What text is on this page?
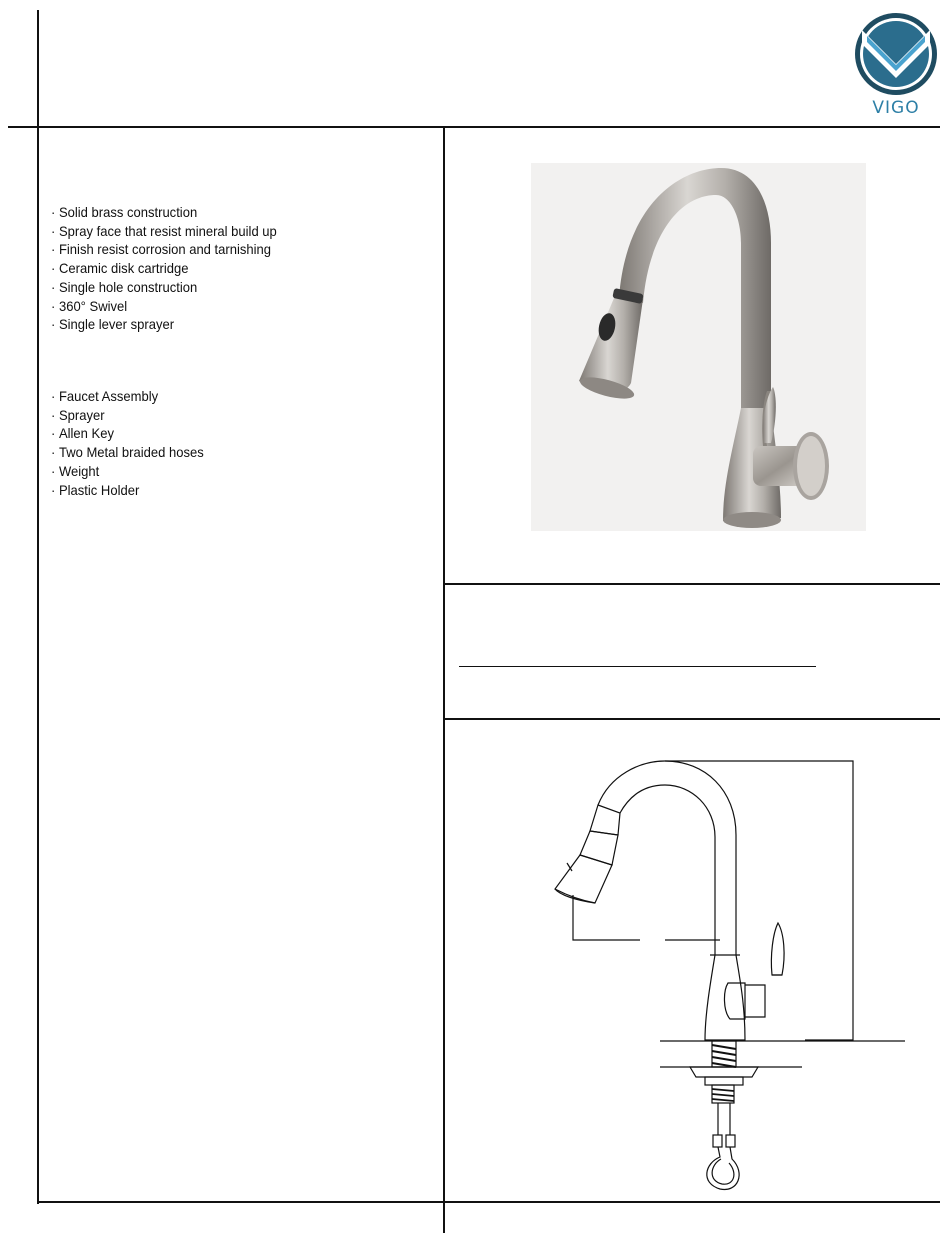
VIGO
· Solid brass construction
· Spray face that resist mineral build up
· Finish resist corrosion and tarnishing
· Ceramic disk cartridge
· Single hole construction
· 360° Swivel
· Single lever sprayer
· Faucet Assembly
· Sprayer
· Allen Key
· Two Metal braided hoses
· Weight
· Plastic Holder
